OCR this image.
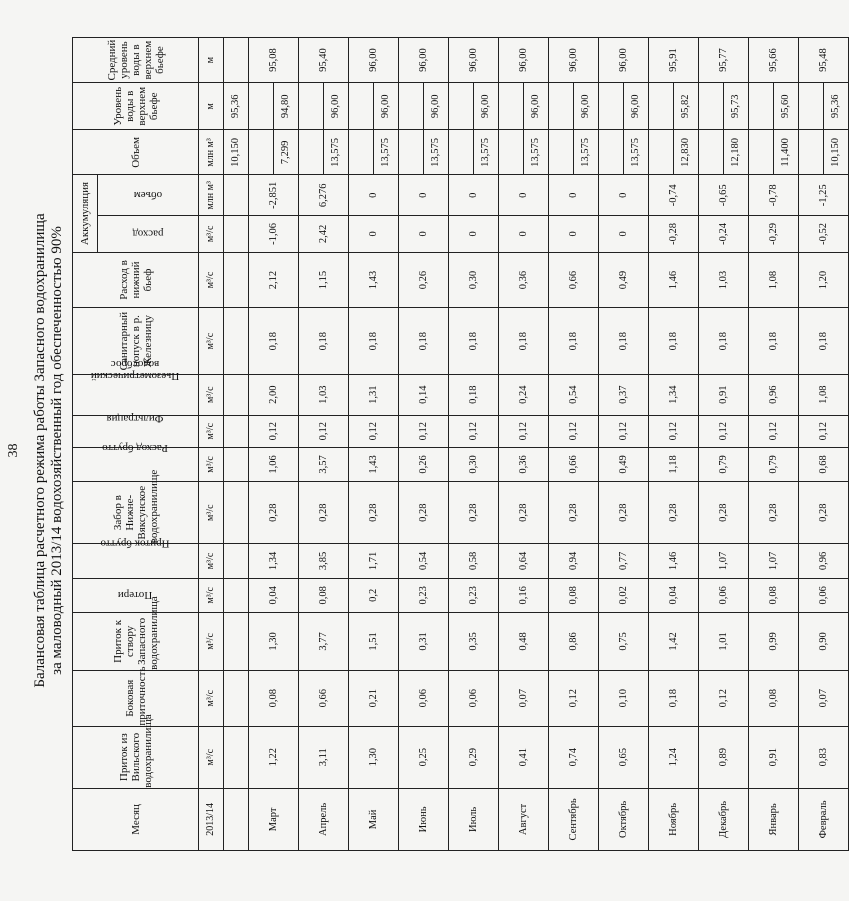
38 Балансовая таблица расчетного режима работы Запасного водохранилища за маловодный 2013/14 водохозяйственный год обеспеченностью 90%
Месяц	Приток из Вильского водохранилища	Боковая приточность	Приток к створу Запасного водохранилища	Потери	Приток брутто	Забор в Нижне-Вяксунское водохранилище	Расход брутто	Фильтрация	Пьезометрический водосброс	Санитарный попуск в р. Железницу	Расход в нижний бьеф	Аккумуляция		Объем	Уровень воды в верхнем бьефе	Средний уровень воды в верхнем бьефе
												расход	объем			
2013/14	м³/с	м³/с	м³/с	м³/с	м³/с	м³/с	м³/с	м³/с	м³/с	м³/с	м³/с	м³/с	млн м³	млн м³	м	м
														10,150	95,36	
Март	1,22	0,08	1,30	0,04	1,34	0,28	1,06	0,12	2,00	0,18	2,12	-1,06	-2,851			95,08
														7,299	94,80	
Апрель	3,11	0,66	3,77	0,08	3,85	0,28	3,57	0,12	1,03	0,18	1,15	2,42	6,276			95,40
														13,575	96,00	
Май	1,30	0,21	1,51	0,2	1,71	0,28	1,43	0,12	1,31	0,18	1,43	0	0			96,00
														13,575	96,00	
Июнь	0,25	0,06	0,31	0,23	0,54	0,28	0,26	0,12	0,14	0,18	0,26	0	0			96,00
														13,575	96,00	
Июль	0,29	0,06	0,35	0,23	0,58	0,28	0,30	0,12	0,18	0,18	0,30	0	0			96,00
														13,575	96,00	
Август	0,41	0,07	0,48	0,16	0,64	0,28	0,36	0,12	0,24	0,18	0,36	0	0			96,00
														13,575	96,00	
Сентябрь	0,74	0,12	0,86	0,08	0,94	0,28	0,66	0,12	0,54	0,18	0,66	0	0			96,00
														13,575	96,00	
Октябрь	0,65	0,10	0,75	0,02	0,77	0,28	0,49	0,12	0,37	0,18	0,49	0	0			96,00
														13,575	96,00	
Ноябрь	1,24	0,18	1,42	0,04	1,46	0,28	1,18	0,12	1,34	0,18	1,46	-0,28	-0,74			95,91
														12,830	95,82	
Декабрь	0,89	0,12	1,01	0,06	1,07	0,28	0,79	0,12	0,91	0,18	1,03	-0,24	-0,65			95,77
														12,180	95,73	
Январь	0,91	0,08	0,99	0,08	1,07	0,28	0,79	0,12	0,96	0,18	1,08	-0,29	-0,78			95,66
														11,400	95,60	
Февраль	0,83	0,07	0,90	0,06	0,96	0,28	0,68	0,12	1,08	0,18	1,20	-0,52	-1,25			95,48
														10,150	95,36	
